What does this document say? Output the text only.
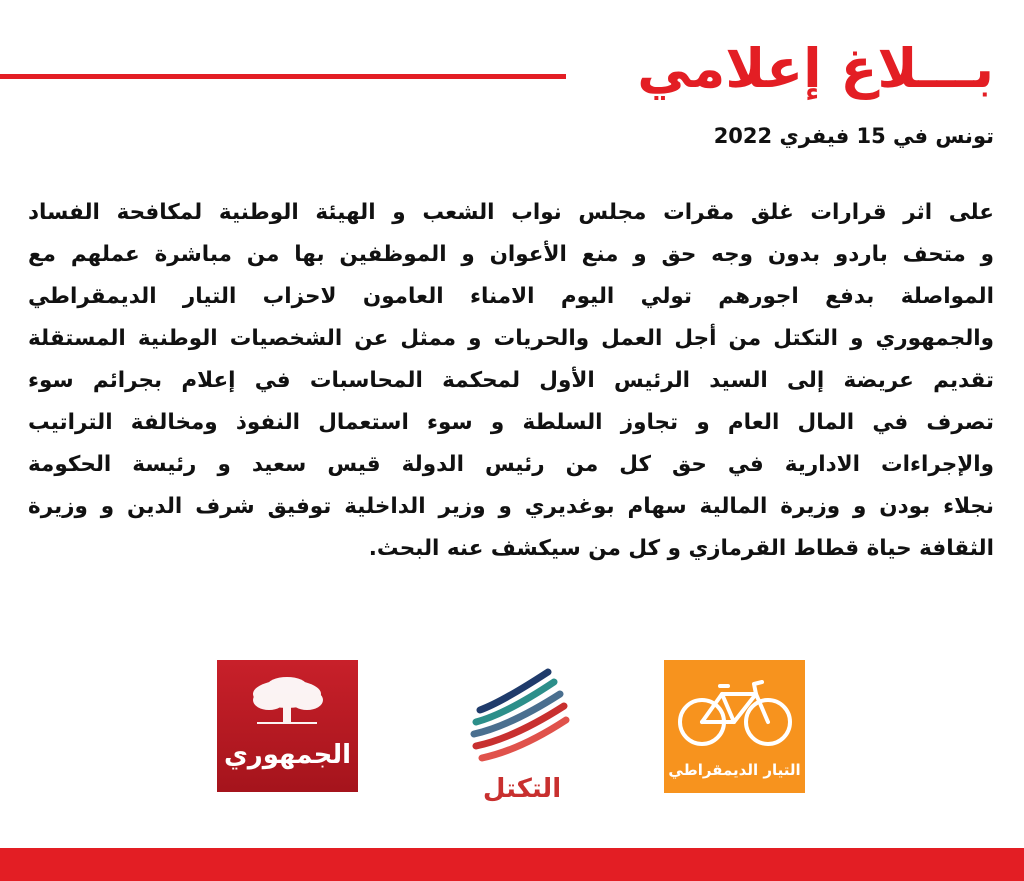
بـــلاغ إعلامي
تونس في 15 فيفري 2022
على اثر قرارات غلق مقرات مجلس نواب الشعب و الهيئة الوطنية لمكافحة الفساد
و متحف باردو بدون وجه حق و منع الأعوان و الموظفين بها من مباشرة عملهم مع
المواصلة بدفع اجورهم تولي اليوم الامناء العامون لاحزاب التيار الديمقراطي
والجمهوري و التكتل من أجل العمل والحريات و ممثل عن الشخصيات الوطنية المستقلة
تقديم عريضة إلى السيد الرئيس الأول لمحكمة المحاسبات في إعلام بجرائم سوء
تصرف في المال العام و تجاوز السلطة و سوء استعمال النفوذ ومخالفة التراتيب
والإجراءات الادارية في حق كل من رئيس الدولة قيس سعيد و رئيسة الحكومة
نجلاء بودن و وزيرة المالية سهام بوغديري و وزير الداخلية توفيق شرف الدين و وزيرة
الثقافة حياة قطاط القرمازي و كل من سيكشف عنه البحث.
الجمهوري
التكتل
التيار الديمقراطي
